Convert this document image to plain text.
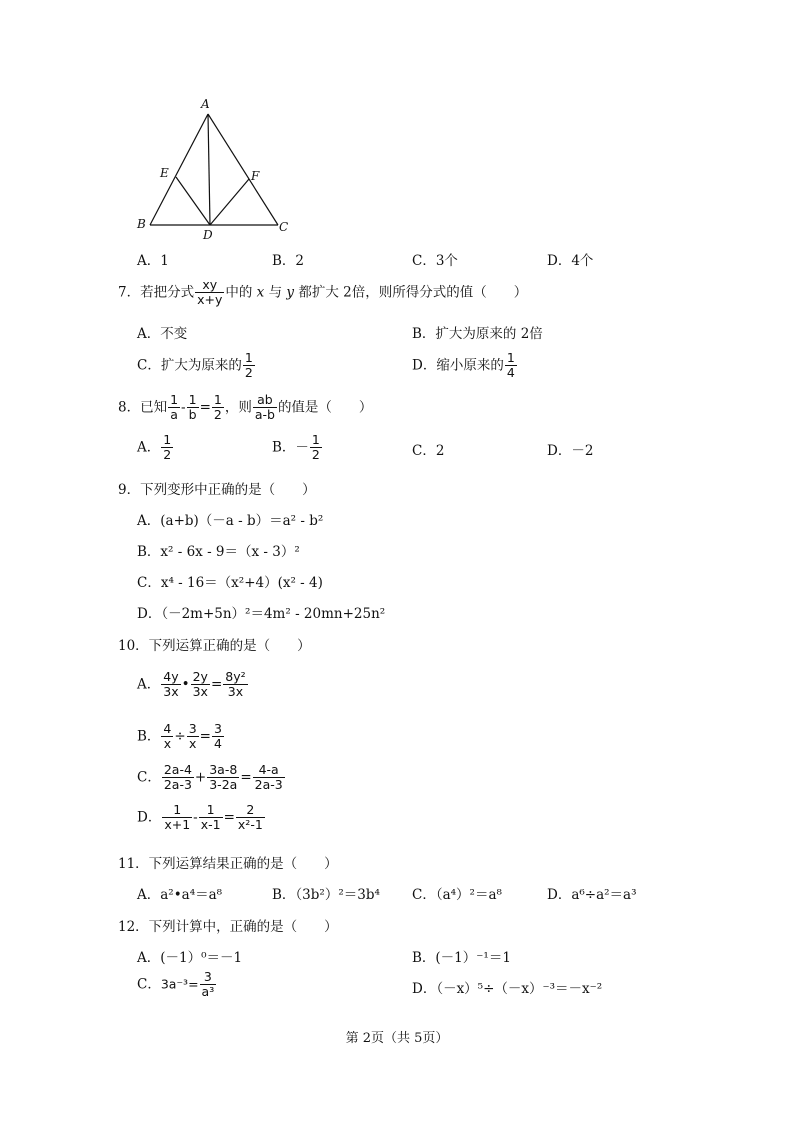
A
E	F
B
D
C
A．1	B．2	C．3个	D．4个
7．若把分式 $\frac{xy}{x+y}$ 中的 x 与 y 都扩大 2倍，则所得分式的值（　　）
A．不变	B．扩大为原来的 2倍
C．扩大为原来的 $\frac{1}{2}$	D．缩小原来的 $\frac{1}{4}$
8．已知 $\frac{1}{a} - \frac{1}{b} = \frac{1}{2}$ ，则 $\frac{ab}{a-b}$ 的值是（　　）
A． $\frac{1}{2}$	B．－ $\frac{1}{2}$	C．2	D．－2
9．下列变形中正确的是（　　）
A．(a+b)（－a - b）＝a² - b²
B．x² - 6x - 9＝（x - 3）²
C．x⁴ - 16＝（x²+4）(x² - 4)
D．（－2m+5n）²＝4m² - 20mn+25n²
10．下列运算正确的是（　　）
A． $\frac{4y}{3x}$ • $\frac{2y}{3x} = \frac{\text{8y²}}{3x}$
B． $\frac{4}{x} \div \frac{3}{x} = \frac{3}{4}$
C． $\frac{2a-4}{2a-3} + \frac{3a-8}{3-2a} = \frac{4-a}{2a-3}$
D． $\frac{1}{x+1} - \frac{1}{x-1} = \frac{2}{\text{x²-1}}$
11．下列运算结果正确的是（　　）
A．a²•a⁴＝a⁸	B．（3b²）²＝3b⁴ C．（a⁴）²＝a⁸	D．a⁶÷a²＝a³
12．下列计算中，正确的是（　　）
A．(－1）⁰＝－1	B．(－1）⁻¹＝1
C．$3a^{-3}= \frac{3}{\text{a³}}$	D．（－x）⁵÷（－x）⁻³＝－x⁻²
第 2页（共 5页）
